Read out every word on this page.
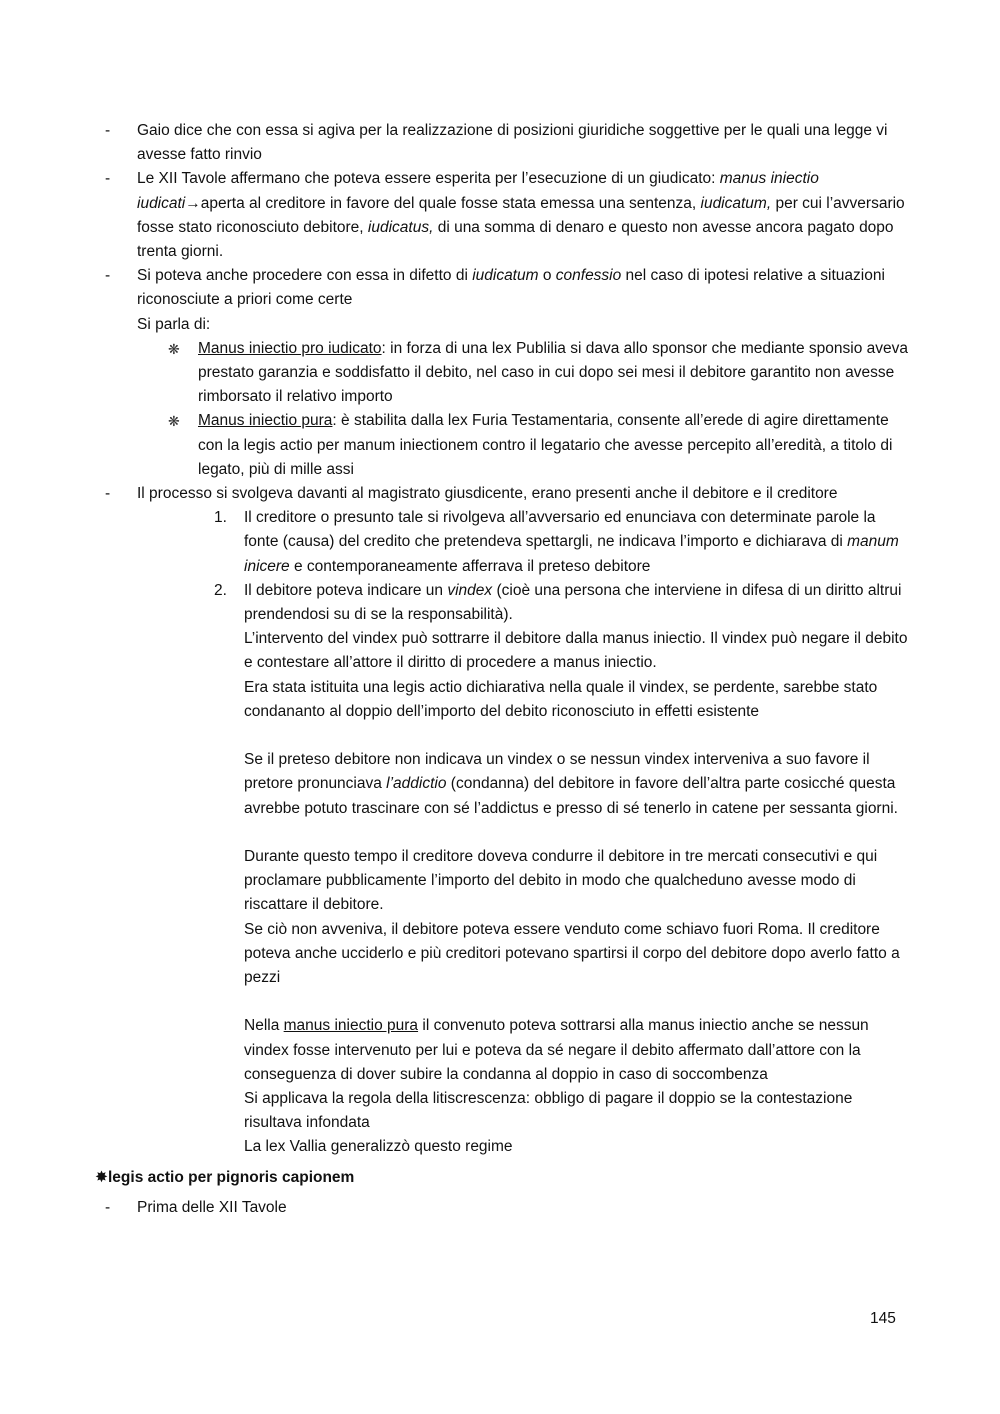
- Gaio dice che con essa si agiva per la realizzazione di posizioni giuridiche soggettive per le quali una legge vi avesse fatto rinvio
- Le XII Tavole affermano che poteva essere esperita per l’esecuzione di un giudicato: manus iniectio iudicati→aperta al creditore in favore del quale fosse stata emessa una sentenza, iudicatum, per cui l’avversario fosse stato riconosciuto debitore, iudicatus, di una somma di denaro e questo non avesse ancora pagato dopo trenta giorni.
- Si poteva anche procedere con essa in difetto di iudicatum o confessio nel caso di ipotesi relative a situazioni riconosciute a priori come certe
Si parla di:
❋ Manus iniectio pro iudicato: in forza di una lex Publilia si dava allo sponsor che mediante sponsio aveva prestato garanzia e soddisfatto il debito, nel caso in cui dopo sei mesi il debitore garantito non avesse rimborsato il relativo importo
❋ Manus iniectio pura: è stabilita dalla lex Furia Testamentaria, consente all’erede di agire direttamente con la legis actio per manum iniectionem contro il legatario che avesse percepito all’eredità, a titolo di legato, più di mille assi
- Il processo si svolgeva davanti al magistrato giusdicente, erano presenti anche il debitore e il creditore
1. Il creditore o presunto tale si rivolgeva all’avversario ed enunciava con determinate parole la fonte (causa) del credito che pretendeva spettargli, ne indicava l’importo e dichiarava di manum inicere e contemporaneamente afferrava il preteso debitore
2. Il debitore poteva indicare un vindex (cioè una persona che interviene in difesa di un diritto altrui prendendosi su di se la responsabilità).
L’intervento del vindex può sottrarre il debitore dalla manus iniectio. Il vindex può negare il debito e contestare all’attore il diritto di procedere a manus iniectio.
Era stata istituita una legis actio dichiarativa nella quale il vindex, se perdente, sarebbe stato condananto al doppio dell’importo del debito riconosciuto in effetti esistente
Se il preteso debitore non indicava un vindex o se nessun vindex interveniva a suo favore il pretore pronunciava l’addictio (condanna) del debitore in favore dell’altra parte cosicché questa avrebbe potuto trascinare con sé l’addictus e presso di sé tenerlo in catene per sessanta giorni.
Durante questo tempo il creditore doveva condurre il debitore in tre mercati consecutivi e qui proclamare pubblicamente l’importo del debito in modo che qualcheduno avesse modo di riscattare il debitore.
Se ciò non avveniva, il debitore poteva essere venduto come schiavo fuori Roma. Il creditore poteva anche ucciderlo e più creditori potevano spartirsi il corpo del debitore dopo averlo fatto a pezzi
Nella manus iniectio pura il convenuto poteva sottrarsi alla manus iniectio anche se nessun vindex fosse intervenuto per lui e poteva da sé negare il debito affermato dall’attore con la conseguenza di dover subire la condanna al doppio in caso di soccombenza
Si applicava la regola della litiscrescenza: obbligo di pagare il doppio se la contestazione risultava infondata
La lex Vallia generalizzò questo regime
✸legis actio per pignoris capionem
- Prima delle XII Tavole
145
